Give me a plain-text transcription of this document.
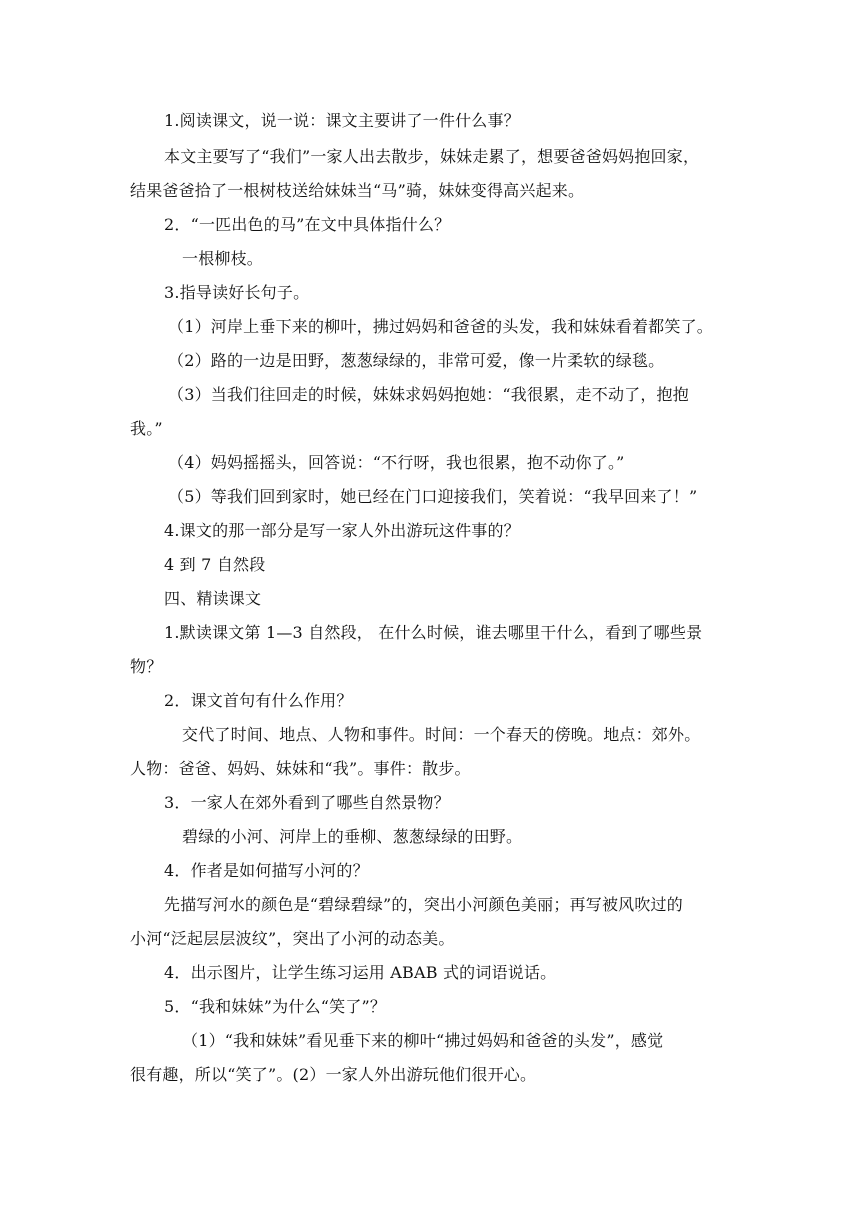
1.阅读课文，说一说：课文主要讲了一件什么事？
本文主要写了“我们”一家人出去散步，妹妹走累了，想要爸爸妈妈抱回家，
结果爸爸拾了一根树枝送给妹妹当“马”骑，妹妹变得高兴起来。
2．“一匹出色的马”在文中具体指什么？
一根柳枝。
3.指导读好长句子。
（1）河岸上垂下来的柳叶，拂过妈妈和爸爸的头发，我和妹妹看着都笑了。
（2）路的一边是田野，葱葱绿绿的，非常可爱，像一片柔软的绿毯。
（3）当我们往回走的时候，妹妹求妈妈抱她：“我很累，走不动了，抱抱
我。”
（4）妈妈摇摇头，回答说：“不行呀，我也很累，抱不动你了。”
（5）等我们回到家时，她已经在门口迎接我们，笑着说：“我早回来了！”
4.课文的那一部分是写一家人外出游玩这件事的？
4 到 7 自然段
四、精读课文
1.默读课文第 1—3 自然段， 在什么时候，谁去哪里干什么，看到了哪些景
物？
2．课文首句有什么作用？
交代了时间、地点、人物和事件。时间：一个春天的傍晚。地点：郊外。
人物：爸爸、妈妈、妹妹和“我”。事件：散步。
3．一家人在郊外看到了哪些自然景物？
碧绿的小河、河岸上的垂柳、葱葱绿绿的田野。
4．作者是如何描写小河的？
先描写河水的颜色是“碧绿碧绿”的，突出小河颜色美丽；再写被风吹过的
小河“泛起层层波纹”，突出了小河的动态美。
4．出示图片，让学生练习运用 ABAB 式的词语说话。
5．“我和妹妹”为什么“笑了”？
（1）“我和妹妹”看见垂下来的柳叶“拂过妈妈和爸爸的头发”，感觉
很有趣，所以“笑了”。(2）一家人外出游玩他们很开心。
